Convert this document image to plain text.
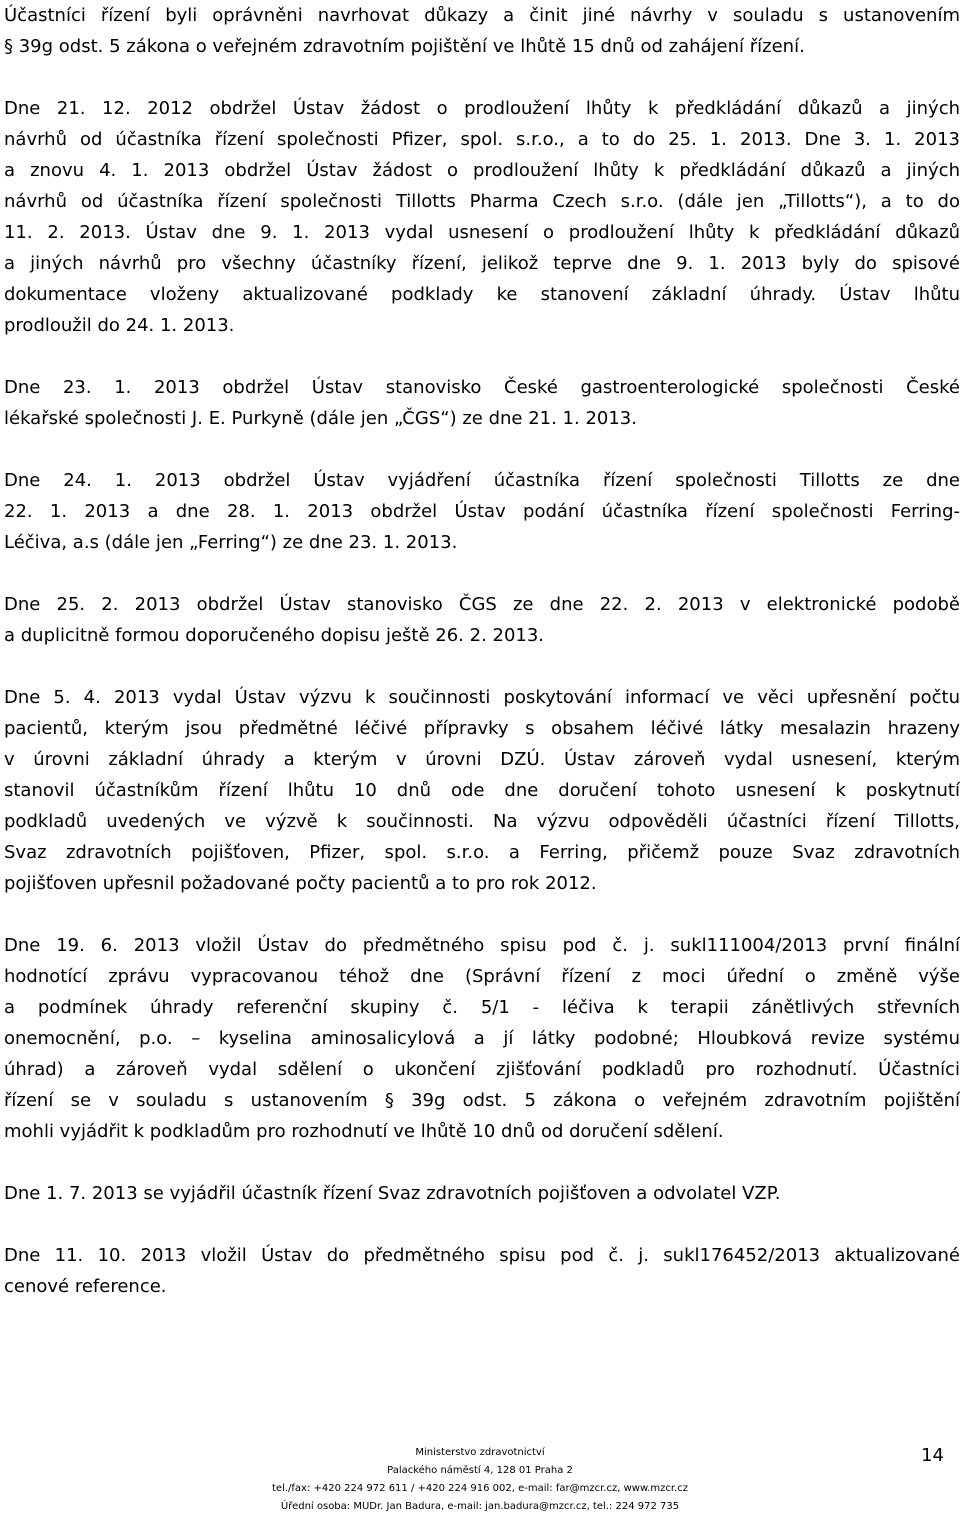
Účastníci řízení byli oprávněni navrhovat důkazy a činit jiné návrhy v souladu s ustanovením
§ 39g odst. 5 zákona o veřejném zdravotním pojištění ve lhůtě 15 dnů od zahájení řízení.

Dne 21. 12. 2012 obdržel Ústav žádost o prodloužení lhůty k předkládání důkazů a jiných
návrhů od účastníka řízení společnosti Pfizer, spol. s.r.o., a to do 25. 1. 2013. Dne 3. 1. 2013
a znovu 4. 1. 2013 obdržel Ústav žádost o prodloužení lhůty k předkládání důkazů a jiných
návrhů od účastníka řízení společnosti Tillotts Pharma Czech s.r.o. (dále jen „Tillotts“), a to do
11. 2. 2013. Ústav dne 9. 1. 2013 vydal usnesení o prodloužení lhůty k předkládání důkazů
a jiných návrhů pro všechny účastníky řízení, jelikož teprve dne 9. 1. 2013 byly do spisové
dokumentace vloženy aktualizované podklady ke stanovení základní úhrady. Ústav lhůtu
prodloužil do 24. 1. 2013.

Dne 23. 1. 2013 obdržel Ústav stanovisko České gastroenterologické společnosti České
lékařské společnosti J. E. Purkyně (dále jen „ČGS“) ze dne 21. 1. 2013.

Dne 24. 1. 2013 obdržel Ústav vyjádření účastníka řízení společnosti Tillotts ze dne
22. 1. 2013 a dne 28. 1. 2013 obdržel Ústav podání účastníka řízení společnosti Ferring-
Léčiva, a.s (dále jen „Ferring“) ze dne 23. 1. 2013.

Dne 25. 2. 2013 obdržel Ústav stanovisko ČGS ze dne 22. 2. 2013 v elektronické podobě
a duplicitně formou doporučeného dopisu ještě 26. 2. 2013.

Dne 5. 4. 2013 vydal Ústav výzvu k součinnosti poskytování informací ve věci upřesnění počtu
pacientů, kterým jsou předmětné léčivé přípravky s obsahem léčivé látky mesalazin hrazeny
v úrovni základní úhrady a kterým v úrovni DZÚ. Ústav zároveň vydal usnesení, kterým
stanovil účastníkům řízení lhůtu 10 dnů ode dne doručení tohoto usnesení k poskytnutí
podkladů uvedených ve výzvě k součinnosti. Na výzvu odpověděli účastníci řízení Tillotts,
Svaz zdravotních pojišťoven, Pfizer, spol. s.r.o. a Ferring, přičemž pouze Svaz zdravotních
pojišťoven upřesnil požadované počty pacientů a to pro rok 2012.

Dne 19. 6. 2013 vložil Ústav do předmětného spisu pod č. j. sukl111004/2013 první finální
hodnotící zprávu vypracovanou téhož dne (Správní řízení z moci úřední o změně výše
a podmínek úhrady referenční skupiny č. 5/1 - léčiva k terapii zánětlivých střevních
onemocnění, p.o. – kyselina aminosalicylová a jí látky podobné; Hloubková revize systému
úhrad) a zároveň vydal sdělení o ukončení zjišťování podkladů pro rozhodnutí. Účastníci
řízení se v souladu s ustanovením § 39g odst. 5 zákona o veřejném zdravotním pojištění
mohli vyjádřit k podkladům pro rozhodnutí ve lhůtě 10 dnů od doručení sdělení.

Dne 1. 7. 2013 se vyjádřil účastník řízení Svaz zdravotních pojišťoven a odvolatel VZP.

Dne 11. 10. 2013 vložil Ústav do předmětného spisu pod č. j. sukl176452/2013 aktualizované
cenové reference.

Ministerstvo zdravotnictví
Palackého náměstí 4, 128 01 Praha 2
tel./fax: +420 224 972 611 / +420 224 916 002, e-mail: far@mzcr.cz, www.mzcr.cz
Úřední osoba: MUDr. Jan Badura, e-mail: jan.badura@mzcr.cz, tel.: 224 972 735
14
